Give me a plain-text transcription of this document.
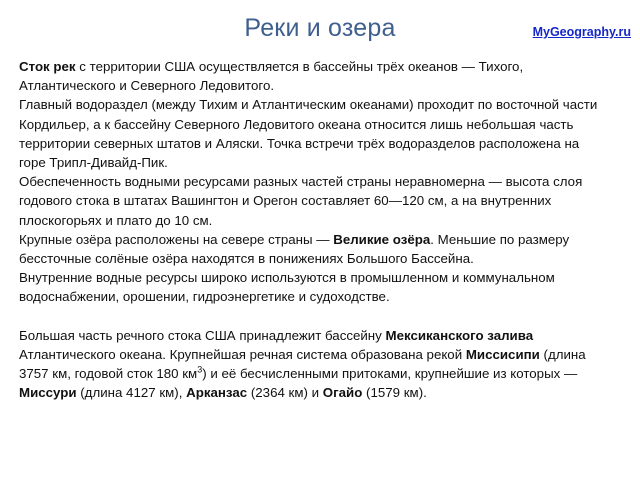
Реки и озера	MyGeography.ru

Сток рек с территории США осуществляется в бассейны трёх океанов — Тихого, Атлантического и Северного Ледовитого.

Главный водораздел (между Тихим и Атлантическим океанами) проходит по восточной части Кордильер, а к бассейну Северного Ледовитого океана относится лишь небольшая часть территории северных штатов и Аляски. Точка встречи трёх водоразделов расположена на горе Трипл-Дивайд-Пик.

Обеспеченность водными ресурсами разных частей страны неравномерна — высота слоя годового стока в штатах Вашингтон и Орегон составляет 60—120 см, а на внутренних плоскогорьях и плато до 10 см.

Крупные озёра расположены на севере страны — Великие озёра. Меньшие по размеру бессточные солёные озёра находятся в понижениях Большого Бассейна.

Внутренние водные ресурсы широко используются в промышленном и коммунальном водоснабжении, орошении, гидроэнергетике и судоходстве.

Большая часть речного стока США принадлежит бассейну Мексиканского залива Атлантического океана. Крупнейшая речная система образована рекой Миссисипи (длина 3757 км, годовой сток 180 $км^3$) и её бесчисленными притоками, крупнейшие из которых — Миссури (длина 4127 км), Арканзас (2364 км) и Огайо (1579 км).
